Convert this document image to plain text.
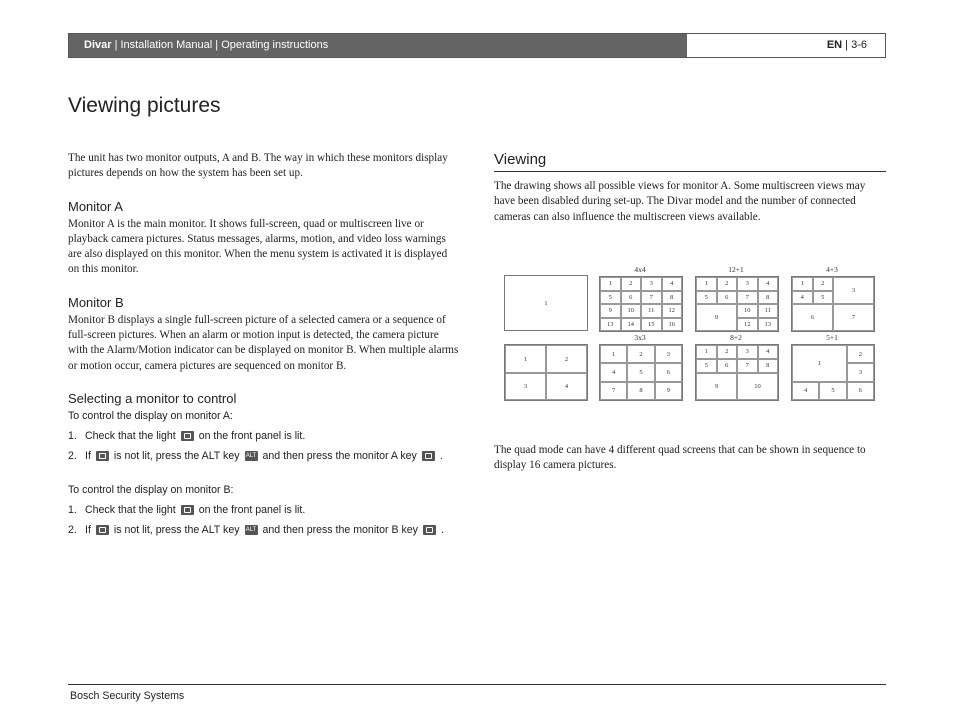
Divar | Installation Manual | Operating instructions	EN | 3-6
Viewing pictures

The unit has two monitor outputs, A and B. The way in which these monitors display pictures depends on how the system has been set up.

Monitor A

Monitor A is the main monitor. It shows full-screen, quad or multiscreen live or playback camera pictures. Status messages, alarms, motion, and video loss warnings are also displayed on this monitor. When the menu system is activated it is displayed on this monitor.

Monitor B

Monitor B displays a single full-screen picture of a selected camera or a sequence of full-screen pictures. When an alarm or motion input is detected, the camera picture with the Alarm/Motion indicator can be displayed on monitor B. When multiple alarms or motion occur, camera pictures are sequenced on monitor B.

Selecting a monitor to control

To control the display on monitor A:

1. Check that the light on the front panel is lit.
2. If is not lit, press the ALT key ALT and then press the monitor A key .

To control the display on monitor B:

1. Check that the light on the front panel is lit.
2. If is not lit, press the ALT key ALT and then press the monitor B key .
Viewing

The drawing shows all possible views for monitor A. Some multiscreen views may have been disabled during set-up. The Divar model and the number of connected cameras can also influence the multiscreen views available.

1
1	2
3	4
4x4
1	2	3	4
5	6	7	8
9	10	11	12
13	14	15	16
3x3
1	2	3
4	5	6
7	8	9
12+1
1	2	3	4
5	6	7	8
9
10	11
12	13
8+2
1	2	3	4
5	6	7	8
9	10
4+3
1	2
3
4	5
6	7
5+1
1
2
3
4	5	6

The quad mode can have 4 different quad screens that can be shown in sequence to display 16 camera pictures.

Bosch Security Systems
